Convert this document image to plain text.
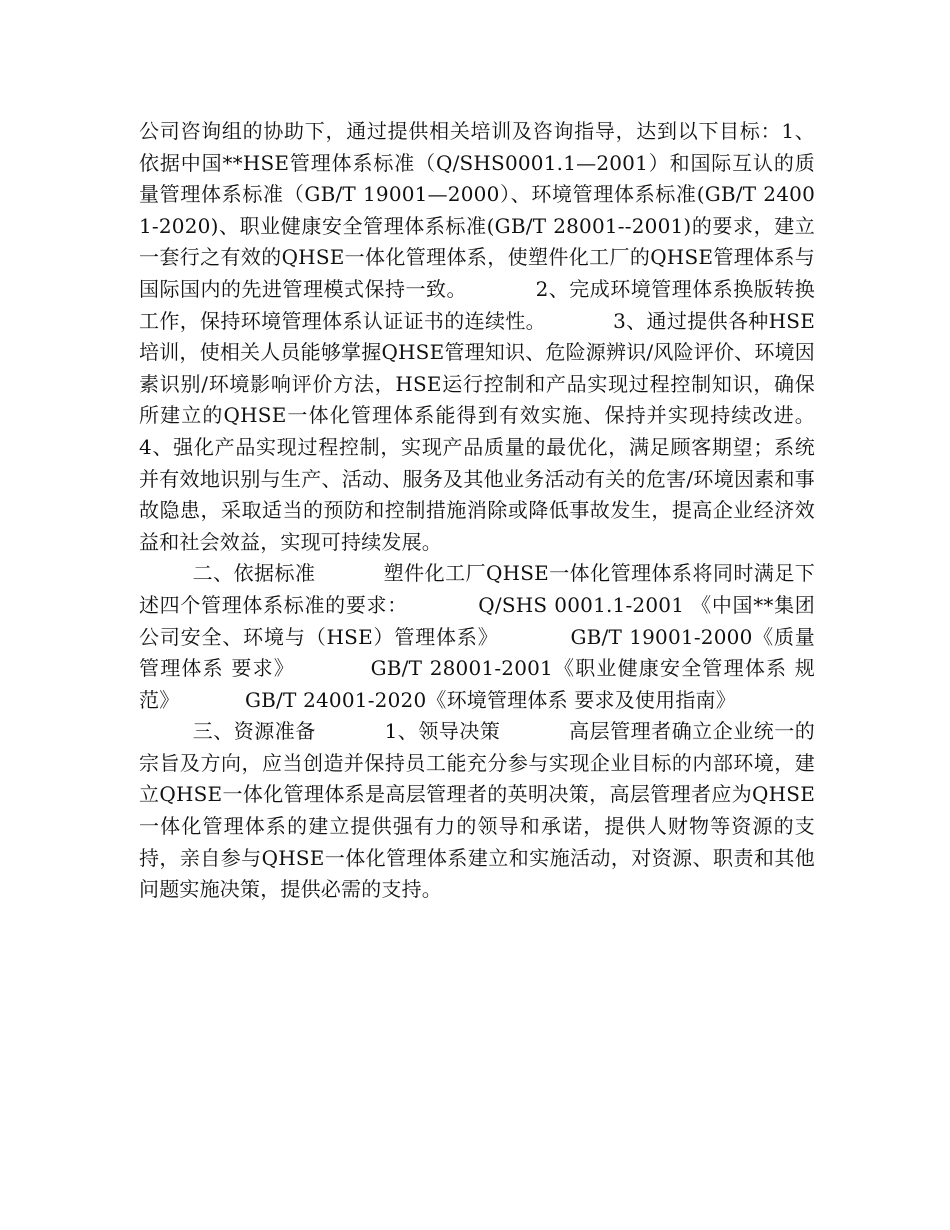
公司咨询组的协助下，通过提供相关培训及咨询指导，达到以下目标：1、依据中国**HSE管理体系标准（Q/SHS0001.1—2001）和国际互认的质量管理体系标准（GB/T 19001—2000）、环境管理体系标准(GB/T 24001-2020)、职业健康安全管理体系标准(GB/T 28001--2001)的要求，建立一套行之有效的QHSE一体化管理体系，使塑件化工厂的QHSE管理体系与国际国内的先进管理模式保持一致。          2、完成环境管理体系换版转换工作，保持环境管理体系认证证书的连续性。          3、通过提供各种HSE培训，使相关人员能够掌握QHSE管理知识、危险源辨识/风险评价、环境因素识别/环境影响评价方法，HSE运行控制和产品实现过程控制知识，确保所建立的QHSE一体化管理体系能得到有效实施、保持并实现持续改进。          4、强化产品实现过程控制，实现产品质量的最优化，满足顾客期望；系统并有效地识别与生产、活动、服务及其他业务活动有关的危害/环境因素和事故隐患，采取适当的预防和控制措施消除或降低事故发生，提高企业经济效益和社会效益，实现可持续发展。

二、依据标准          塑件化工厂QHSE一体化管理体系将同时满足下述四个管理体系标准的要求：          Q/SHS 0001.1-2001 《中国**集团公司安全、环境与（HSE）管理体系》          GB/T 19001-2000《质量管理体系 要求》          GB/T 28001-2001《职业健康安全管理体系 规范》          GB/T 24001-2020《环境管理体系 要求及使用指南》

三、资源准备          1、领导决策          高层管理者确立企业统一的宗旨及方向，应当创造并保持员工能充分参与实现企业目标的内部环境，建立QHSE一体化管理体系是高层管理者的英明决策，高层管理者应为QHSE一体化管理体系的建立提供强有力的领导和承诺，提供人财物等资源的支持，亲自参与QHSE一体化管理体系建立和实施活动，对资源、职责和其他问题实施决策，提供必需的支持。
